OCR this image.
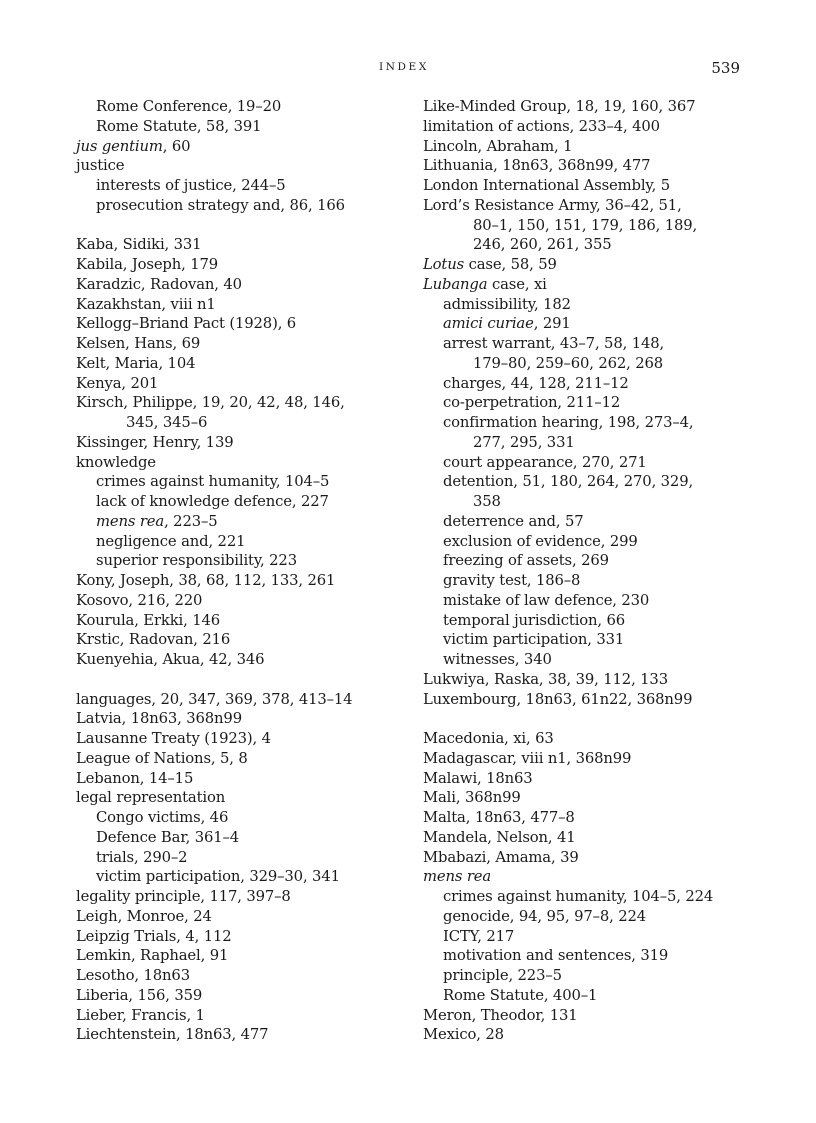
INDEX	539
Rome Conference, 19–20
Rome Statute, 58, 391
jus gentium, 60
justice
interests of justice, 244–5
prosecution strategy and, 86, 166
Kaba, Sidiki, 331
Kabila, Joseph, 179
Karadzic, Radovan, 40
Kazakhstan, viii n1
Kellogg–Briand Pact (1928), 6
Kelsen, Hans, 69
Kelt, Maria, 104
Kenya, 201
Kirsch, Philippe, 19, 20, 42, 48, 146,
345, 345–6
Kissinger, Henry, 139
knowledge
crimes against humanity, 104–5
lack of knowledge defence, 227
mens rea, 223–5
negligence and, 221
superior responsibility, 223
Kony, Joseph, 38, 68, 112, 133, 261
Kosovo, 216, 220
Kourula, Erkki, 146
Krstic, Radovan, 216
Kuenyehia, Akua, 42, 346
languages, 20, 347, 369, 378, 413–14
Latvia, 18n63, 368n99
Lausanne Treaty (1923), 4
League of Nations, 5, 8
Lebanon, 14–15
legal representation
Congo victims, 46
Defence Bar, 361–4
trials, 290–2
victim participation, 329–30, 341
legality principle, 117, 397–8
Leigh, Monroe, 24
Leipzig Trials, 4, 112
Lemkin, Raphael, 91
Lesotho, 18n63
Liberia, 156, 359
Lieber, Francis, 1
Liechtenstein, 18n63, 477
Like-Minded Group, 18, 19, 160, 367
limitation of actions, 233–4, 400
Lincoln, Abraham, 1
Lithuania, 18n63, 368n99, 477
London International Assembly, 5
Lord’s Resistance Army, 36–42, 51,
80–1, 150, 151, 179, 186, 189,
246, 260, 261, 355
Lotus case, 58, 59
Lubanga case, xi
admissibility, 182
amici curiae, 291
arrest warrant, 43–7, 58, 148,
179–80, 259–60, 262, 268
charges, 44, 128, 211–12
co-perpetration, 211–12
confirmation hearing, 198, 273–4,
277, 295, 331
court appearance, 270, 271
detention, 51, 180, 264, 270, 329,
358
deterrence and, 57
exclusion of evidence, 299
freezing of assets, 269
gravity test, 186–8
mistake of law defence, 230
temporal jurisdiction, 66
victim participation, 331
witnesses, 340
Lukwiya, Raska, 38, 39, 112, 133
Luxembourg, 18n63, 61n22, 368n99
Macedonia, xi, 63
Madagascar, viii n1, 368n99
Malawi, 18n63
Mali, 368n99
Malta, 18n63, 477–8
Mandela, Nelson, 41
Mbabazi, Amama, 39
mens rea
crimes against humanity, 104–5, 224
genocide, 94, 95, 97–8, 224
ICTY, 217
motivation and sentences, 319
principle, 223–5
Rome Statute, 400–1
Meron, Theodor, 131
Mexico, 28
